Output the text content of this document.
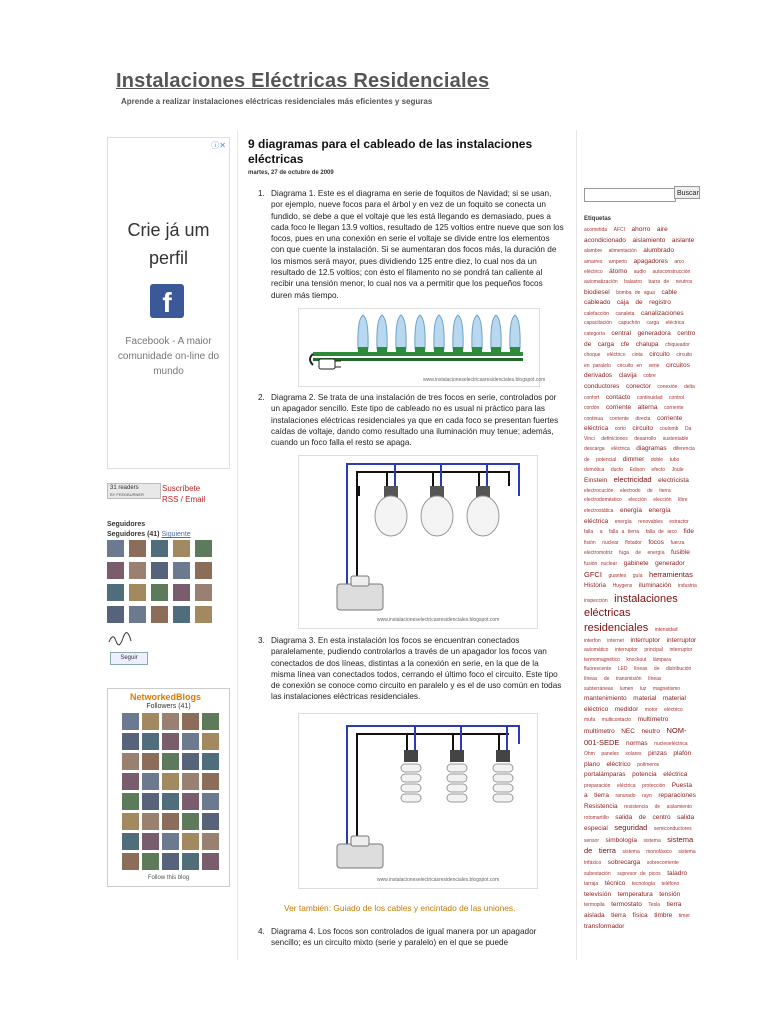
Instalaciones Eléctricas Residenciales
Aprende a realizar instalaciones eléctricas residenciales más eficientes y seguras
ⓘ✕
Crie já um perfil
f
Facebook - A maior comunidade on-line do mundo
31 readers
BY FEEDBURNER
Suscríbete
RSS / Email
Seguidores
Seguidores (41) Siguiente
Seguir
NetworkedBlogs
Followers (41)
Follow this blog
9 diagramas para el cableado de las instalaciones eléctricas
martes, 27 de octubre de 2009
1. Diagrama 1. Este es el diagrama en serie de foquitos de Navidad; si se usan, por ejemplo, nueve focos para el árbol y en vez de un foquito se conecta un fundido, se debe a que el voltaje que les está llegando es demasiado, pues a cada foco le llegan 13.9 voltios, resultado de 125 voltios entre nueve que son los focos, pues en una conexión en serie el voltaje se divide entre los elementos con que cuente la instalación. Si se aumentaran dos focos más, la duración de los mismos será mayor, pues dividiendo 125 entre diez, lo cual nos da un resultado de 12.5 voltios; con ésto el filamento no se pondrá tan caliente al recibir una tensión menor, lo cual nos va a permitir que los pequeños focos duren más tiempo.
www.instalacioneselectricasresidenciales.blogspot.com
2. Diagrama 2. Se trata de una instalación de tres focos en serie, controlados por un apagador sencillo. Este tipo de cableado no es usual ni práctico para las instalaciones eléctricas residenciales ya que en cada foco se presentan fuertes caídas de voltaje, dando como resultado una iluminación muy tenue; además, cuando un foco falla el resto se apaga.
www.instalacioneselectricasresidenciales.blogspot.com
3. Diagrama 3. En esta instalación los focos se encuentran conectados paralelamente, pudiendo controlarlos a través de un apagador los focos van conectados de dos líneas, distintas a la conexión en serie, en la que de la misma línea van conectados todos, cerrando el último foco el circuito. Este tipo de conexión se conoce como circuito en paralelo y es el de uso común en todas las instalaciones eléctricas residenciales.
www.instalacioneselectricasresidenciales.blogspot.com
Ver también: Guiado de los cables y encintado de las uniones.
4. Diagrama 4. Los focos son controlados de igual manera por un apagador sencillo; es un circuito mixto (serie y paralelo) en el que se puede
Buscar
Etiquetas
acometida AFCI ahorro aire acondicionado aislamiento aislante alambre alimentación alumbrado amarres amperio apagadores arco eléctrico átomo audio autoconstrucción automatización balastro barra de neutros biodiesel bomba de agua cable cableado caja de registro calefacción canaleta canalizaciones capacitación capuchón carga eléctrica categoría central generadora centro de carga cfe chalupa chiqueador choque eléctrico cinta circuito circuito en paralelo circuito en serie circuitos derivados clavija cobre conductores conector conexión delta confort contacto continuidad control cordón corriente alterna corriente continua corriente directa corriente eléctrica corto circuito coulomb Da Vinci definiciones desarrollo sustentable descarga eléctrica diagramas diferencia de potencial dimmer doble tubo domótica ducto Edison efecto Joule Einstein electricidad electricista electrocución electrodo de tierra electrodoméstico elección elección libre electrostática energía energía eléctrica energía renovables extractor falla a falla a tierra falla de arco fide fisión nuclear flotador focos fuerza electromotriz fuga de energía fusible fusión nuclear gabinete generador GFCI guantes guía herramientas Historia Huygens iluminación industria inspección instalaciones eléctricas residenciales intensidad interfon internet interruptor interruptor automático interruptor principal interruptor termomagnético knockout lámpara fluorescente LED líneas de distribución líneas de transmisión líneas subterráneas lumen luz magnetismo mantenimiento material material eléctrico medidor motor eléctrico mufa multicontacto multímetro multímetro NEC neutro NOM-001-SEDE normas nucleoeléctrica Ohm paneles solares pinzas plafón plano eléctrico polímeros portalámparas potencia eléctrica preparación eléctrica protección Puesta a tierra ranurado rayo reparaciones Resistencia resistencia de aislamiento rotomartillo salida de centro salida especial seguridad semiconductores sensor simbología sistema sistema de tierra sistema monofásico sistema trifásico sobrecarga sobrecorriente subestación supresor de picos taladro tarraja técnico tecnología teléfono televisión temperatura tensión termopila termostato Tesla tierra aislada tierra física timbre timer transformador
